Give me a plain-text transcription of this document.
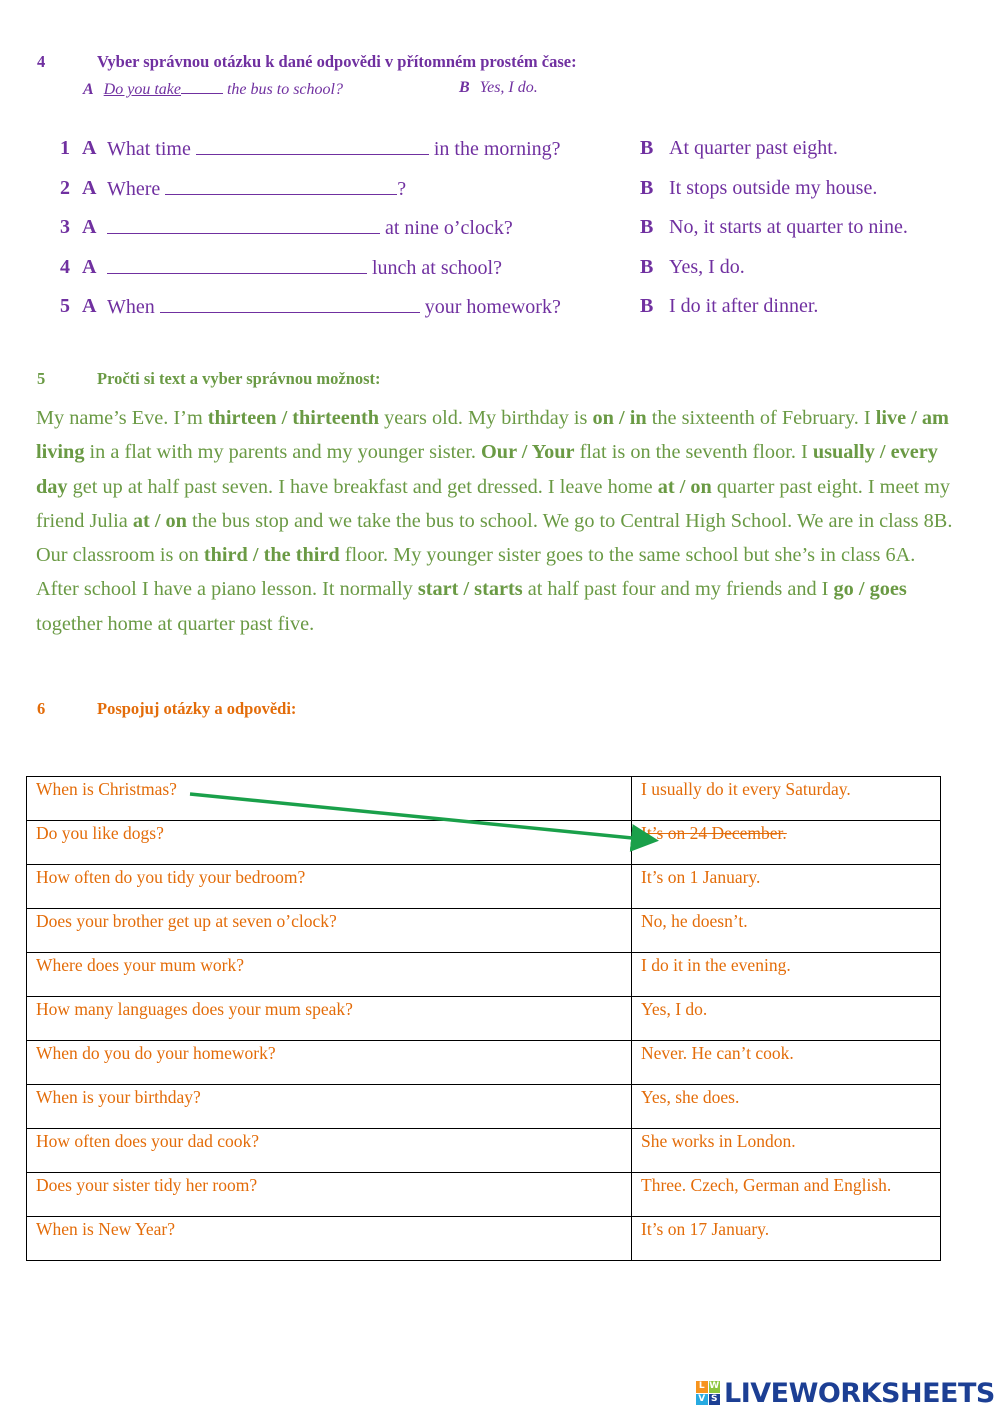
4	Vyber správnou otázku k dané odpovědi v přítomném prostém čase:
A Do you take	the bus to school?	B Yes, I do.
1 A What time	in the morning?	B At quarter past eight.
2 A Where	?	B It stops outside my house.
3 A	at nine o’clock?	B No, it starts at quarter to nine.
4 A	lunch at school?	B Yes, I do.
5 A When	your homework?	B I do it after dinner.
5	Pročti si text a vyber správnou možnost:

My name’s Eve. I’m thirteen / thirteenth years old. My birthday is on / in the sixteenth of February. I live / am living in a flat with my parents and my younger sister. Our / Your flat is on the seventh floor. I usually / every day get up at half past seven. I have breakfast and get dressed. I leave home at / on quarter past eight. I meet my friend Julia at / on the bus stop and we take the bus to school. We go to Central High School. We are in class 8B. Our classroom is on third / the third floor. My younger sister goes to the same school but she’s in class 6A.

After school I have a piano lesson. It normally start / starts at half past four and my friends and I go / goes together home at quarter past five.

6	Pospojuj otázky a odpovědi:
When is Christmas?	I usually do it every Saturday.
Do you like dogs?	It’s on 24 December.
How often do you tidy your bedroom?	It’s on 1 January.
Does your brother get up at seven o’clock?	No, he doesn’t.
Where does your mum work?	I do it in the evening.
How many languages does your mum speak?	Yes, I do.
When do you do your homework?	Never. He can’t cook.
When is your birthday?	Yes, she does.
How often does your dad cook?	She works in London.
Does your sister tidy her room?	Three. Czech, German and English.
When is New Year?	It’s on 17 January.
L W
V S LIVEWORKSHEETS
